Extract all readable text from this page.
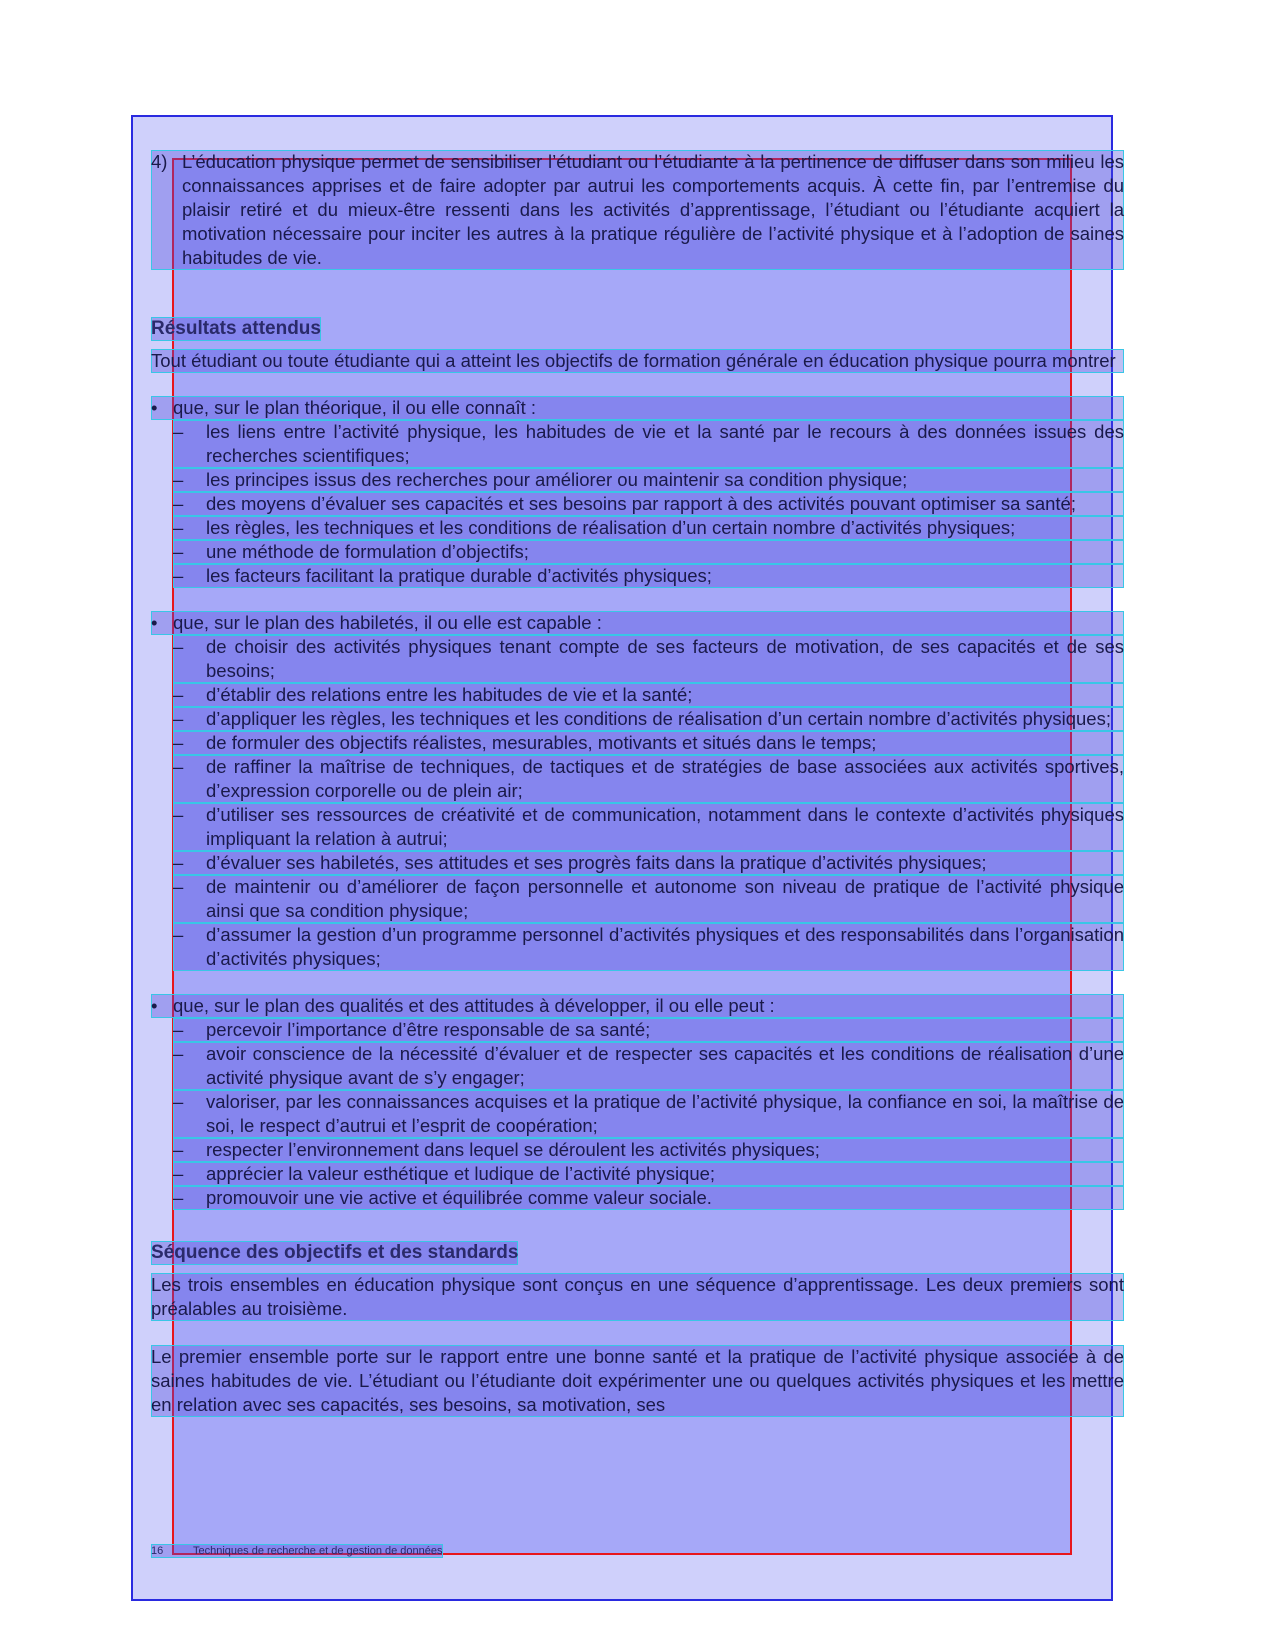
4) L’éducation physique permet de sensibiliser l’étudiant ou l’étudiante à la pertinence de diffuser dans son milieu les connaissances apprises et de faire adopter par autrui les comportements acquis. À cette fin, par l’entremise du plaisir retiré et du mieux-être ressenti dans les activités d’apprentissage, l’étudiant ou l’étudiante acquiert la motivation nécessaire pour inciter les autres à la pratique régulière de l’activité physique et à l’adoption de saines habitudes de vie.
Résultats attendus

Tout étudiant ou toute étudiante qui a atteint les objectifs de formation générale en éducation physique pourra montrer

• que, sur le plan théorique, il ou elle connaît :
–	les liens entre l’activité physique, les habitudes de vie et la santé par le recours à des données issues des recherches scientifiques;
–	les principes issus des recherches pour améliorer ou maintenir sa condition physique;
–	des moyens d’évaluer ses capacités et ses besoins par rapport à des activités pouvant optimiser sa santé;
–	les règles, les techniques et les conditions de réalisation d’un certain nombre d’activités physiques;
–	une méthode de formulation d’objectifs;
–	les facteurs facilitant la pratique durable d’activités physiques;
• que, sur le plan des habiletés, il ou elle est capable :
–	de choisir des activités physiques tenant compte de ses facteurs de motivation, de ses capacités et de ses besoins;
–	d’établir des relations entre les habitudes de vie et la santé;
–	d’appliquer les règles, les techniques et les conditions de réalisation d’un certain nombre d’activités physiques;
–	de formuler des objectifs réalistes, mesurables, motivants et situés dans le temps;
–	de raffiner la maîtrise de techniques, de tactiques et de stratégies de base associées aux activités sportives, d’expression corporelle ou de plein air;
–	d’utiliser ses ressources de créativité et de communication, notamment dans le contexte d’activités physiques impliquant la relation à autrui;
–	d’évaluer ses habiletés, ses attitudes et ses progrès faits dans la pratique d’activités physiques;
–	de maintenir ou d’améliorer de façon personnelle et autonome son niveau de pratique de l’activité physique ainsi que sa condition physique;
–	d’assumer la gestion d’un programme personnel d’activités physiques et des responsabilités dans l’organisation d’activités physiques;
• que, sur le plan des qualités et des attitudes à développer, il ou elle peut :
–	percevoir l’importance d’être responsable de sa santé;
–	avoir conscience de la nécessité d’évaluer et de respecter ses capacités et les conditions de réalisation d’une activité physique avant de s’y engager;
–	valoriser, par les connaissances acquises et la pratique de l’activité physique, la confiance en soi, la maîtrise de soi, le respect d’autrui et l’esprit de coopération;
–	respecter l’environnement dans lequel se déroulent les activités physiques;
–	apprécier la valeur esthétique et ludique de l’activité physique;
–	promouvoir une vie active et équilibrée comme valeur sociale.
Séquence des objectifs et des standards

Les trois ensembles en éducation physique sont conçus en une séquence d’apprentissage. Les deux premiers sont préalables au troisième.

Le premier ensemble porte sur le rapport entre une bonne santé et la pratique de l’activité physique associée à de saines habitudes de vie. L’étudiant ou l’étudiante doit expérimenter une ou quelques activités physiques et les mettre en relation avec ses capacités, ses besoins, sa motivation, ses

16	Techniques de recherche et de gestion de données
